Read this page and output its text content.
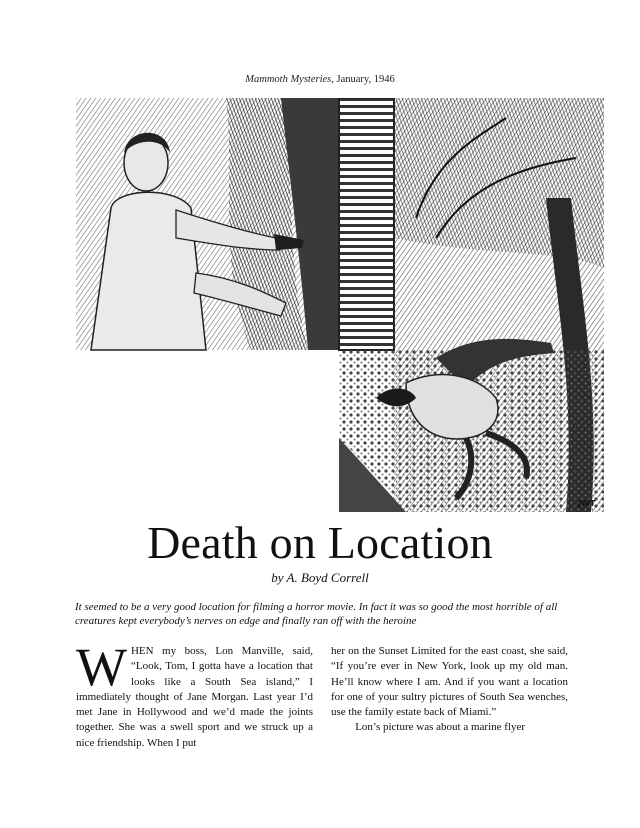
Mammoth Mysteries, January, 1946
JWT
Death on Location
by A. Boyd Correll
It seemed to be a very good location for filming a horror movie. In fact it was so good the most horrible of all creatures kept everybody’s nerves on edge and finally ran off with the heroine

WHEN my boss, Lon Manville, said, “Look, Tom, I gotta have a location that looks like a South Sea island,” I immediately thought of Jane Morgan. Last year I’d met Jane in Hollywood and we’d made the joints together. She was a swell sport and we struck up a nice friendship. When I put

her on the Sunset Limited for the east coast, she said, “If you’re ever in New York, look up my old man. He’ll know where I am. And if you want a location for one of your sultry pictures of South Sea wenches, use the family estate back of Miami.”

Lon’s picture was about a marine flyer
